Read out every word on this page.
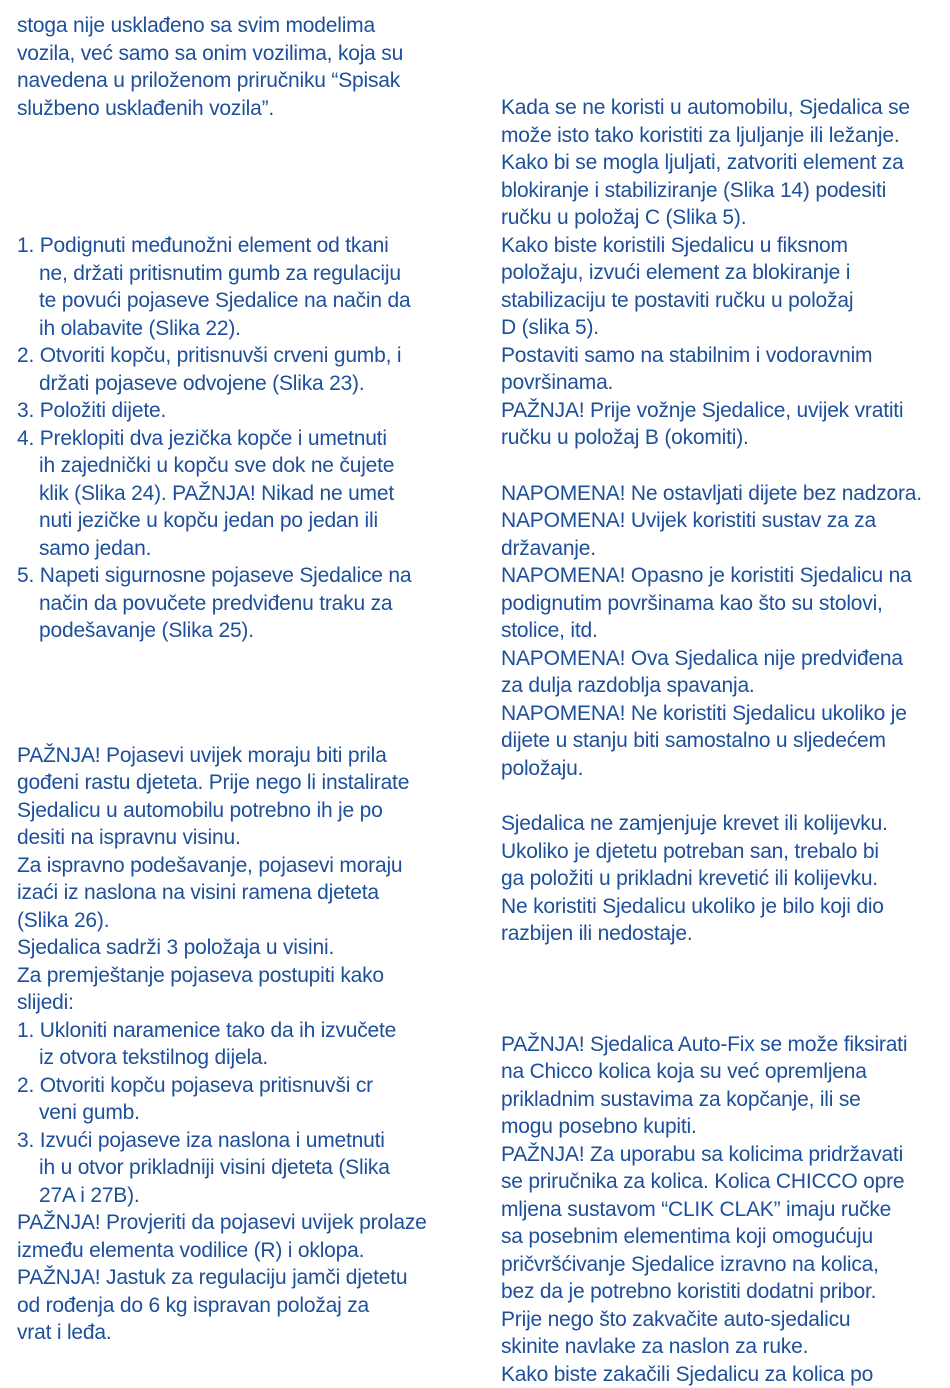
stoga nije usklađeno sa svim modelima
vozila, već samo sa onim vozilima, koja su
navedena u priloženom priručniku “Spisak
službeno usklađenih vozila”.
1. Podignuti međunožni element od tkani
ne, držati pritisnutim gumb za regulaciju
te povući pojaseve Sjedalice na način da
ih olabavite (Slika 22).
2. Otvoriti kopču, pritisnuvši crveni gumb, i
držati pojaseve odvojene (Slika 23).
3. Položiti dijete.
4. Preklopiti dva jezička kopče i umetnuti
ih zajednički u kopču sve dok ne čujete
klik (Slika 24). PAŽNJA! Nikad ne umet
nuti jezičke u kopču jedan po jedan ili
samo jedan.
5. Napeti sigurnosne pojaseve Sjedalice na
način da povučete predviđenu traku za
podešavanje (Slika 25).
PAŽNJA! Pojasevi uvijek moraju biti prila
gođeni rastu djeteta. Prije nego li instalirate
Sjedalicu u automobilu potrebno ih je po
desiti na ispravnu visinu.
Za ispravno podešavanje, pojasevi moraju
izaći iz naslona na visini ramena djeteta
(Slika 26).
Sjedalica sadrži 3 položaja u visini.
Za premještanje pojaseva postupiti kako
slijedi:
1. Ukloniti naramenice tako da ih izvučete
iz otvora tekstilnog dijela.
2. Otvoriti kopču pojaseva pritisnuvši cr
veni gumb.
3. Izvući pojaseve iza naslona i umetnuti
ih u otvor prikladniji visini djeteta (Slika
27A i 27B).
PAŽNJA! Provjeriti da pojasevi uvijek prolaze
između elementa vodilice (R) i oklopa.
PAŽNJA! Jastuk za regulaciju jamči djetetu
od rođenja do 6 kg ispravan položaj za
vrat i leđa.
Kada se ne koristi u automobilu, Sjedalica se
može isto tako koristiti za ljuljanje ili ležanje.
Kako bi se mogla ljuljati, zatvoriti element za
blokiranje i stabiliziranje (Slika 14) podesiti
ručku u položaj C (Slika 5).
Kako biste koristili Sjedalicu u fiksnom
položaju, izvući element za blokiranje i
stabilizaciju te postaviti ručku u položaj
D (slika 5).
Postaviti samo na stabilnim i vodoravnim
površinama.
PAŽNJA! Prije vožnje Sjedalice, uvijek vratiti
ručku u položaj B (okomiti).
NAPOMENA! Ne ostavljati dijete bez nadzora.
NAPOMENA! Uvijek koristiti sustav za za
državanje.
NAPOMENA! Opasno je koristiti Sjedalicu na
podignutim površinama kao što su stolovi,
stolice, itd.
NAPOMENA! Ova Sjedalica nije predviđena
za dulja razdoblja spavanja.
NAPOMENA! Ne koristiti Sjedalicu ukoliko je
dijete u stanju biti samostalno u sljedećem
položaju.
Sjedalica ne zamjenjuje krevet ili kolijevku.
Ukoliko je djetetu potreban san, trebalo bi
ga položiti u prikladni krevetić ili kolijevku.
Ne koristiti Sjedalicu ukoliko je bilo koji dio
razbijen ili nedostaje.
PAŽNJA! Sjedalica Auto-Fix se može fiksirati
na Chicco kolica koja su već opremljena
prikladnim sustavima za kopčanje, ili se
mogu posebno kupiti.
PAŽNJA! Za uporabu sa kolicima pridržavati
se priručnika za kolica. Kolica CHICCO opre
mljena sustavom “CLIK CLAK” imaju ručke
sa posebnim elementima koji omogućuju
pričvršćivanje Sjedalice izravno na kolica,
bez da je potrebno koristiti dodatni pribor.
Prije nego što zakvačite auto-sjedalicu
skinite navlake za naslon za ruke.
Kako biste zakačili Sjedalicu za kolica po
